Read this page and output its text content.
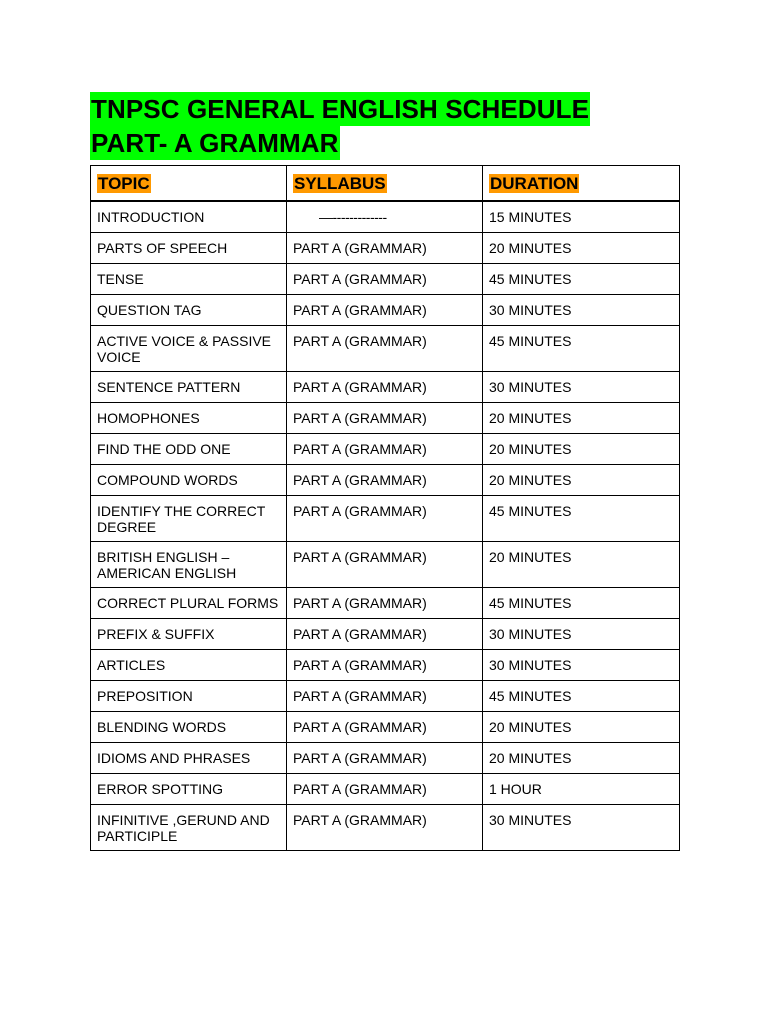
TNPSC GENERAL ENGLISH SCHEDULE
PART- A GRAMMAR
TOPIC	SYLLABUS	DURATION
INTRODUCTION	—-------------	15 MINUTES
PARTS OF SPEECH	PART A (GRAMMAR)	20 MINUTES
TENSE	PART A (GRAMMAR)	45 MINUTES
QUESTION TAG	PART A (GRAMMAR)	30 MINUTES
ACTIVE VOICE & PASSIVE VOICE	PART A (GRAMMAR)	45 MINUTES
SENTENCE PATTERN	PART A (GRAMMAR)	30 MINUTES
HOMOPHONES	PART A (GRAMMAR)	20 MINUTES
FIND THE ODD ONE	PART A (GRAMMAR)	20 MINUTES
COMPOUND WORDS	PART A (GRAMMAR)	20 MINUTES
IDENTIFY THE CORRECT DEGREE	PART A (GRAMMAR)	45 MINUTES
BRITISH ENGLISH –AMERICAN ENGLISH	PART A (GRAMMAR)	20 MINUTES
CORRECT PLURAL FORMS	PART A (GRAMMAR)	45 MINUTES
PREFIX & SUFFIX	PART A (GRAMMAR)	30 MINUTES
ARTICLES	PART A (GRAMMAR)	30 MINUTES
PREPOSITION	PART A (GRAMMAR)	45 MINUTES
BLENDING WORDS	PART A (GRAMMAR)	20 MINUTES
IDIOMS AND PHRASES	PART A (GRAMMAR)	20 MINUTES
ERROR SPOTTING	PART A (GRAMMAR)	1 HOUR
INFINITIVE ,GERUND AND PARTICIPLE	PART A (GRAMMAR)	30 MINUTES
